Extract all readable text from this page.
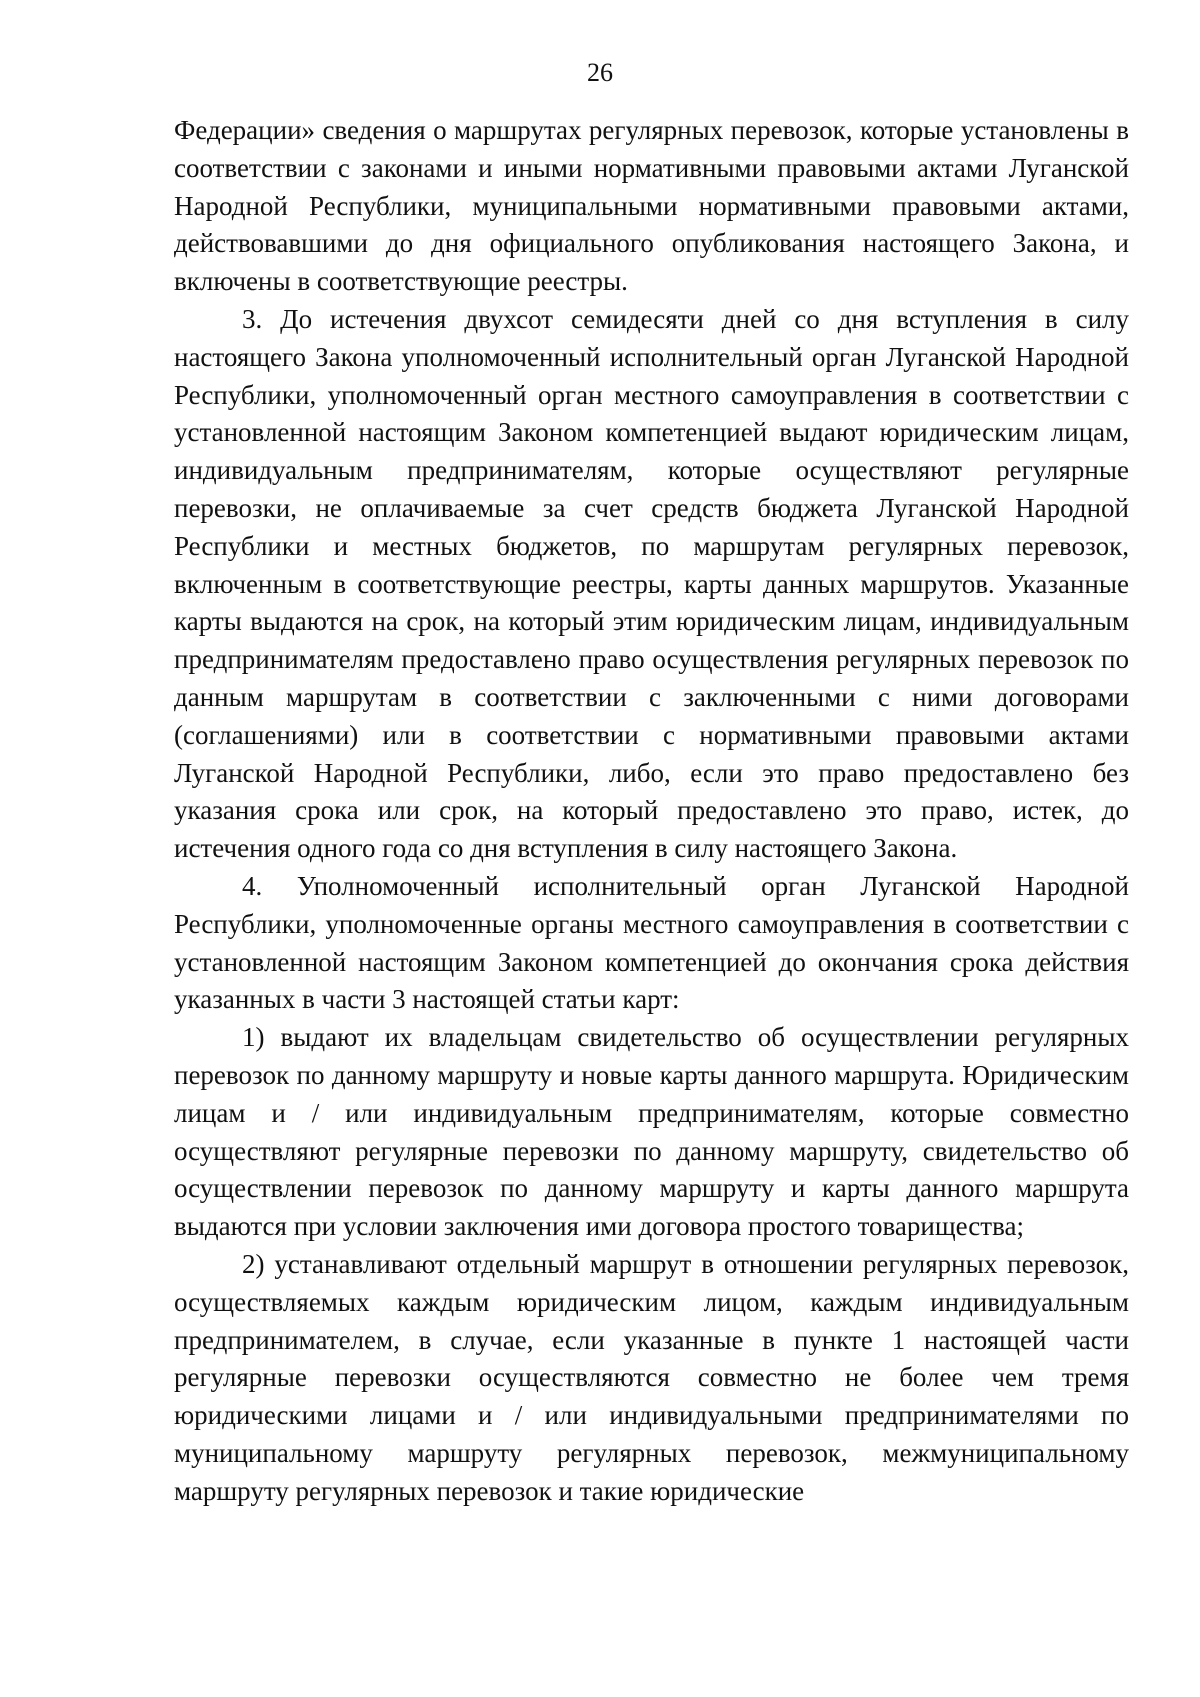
26

Федерации» сведения о маршрутах регулярных перевозок, которые установлены в соответствии с законами и иными нормативными правовыми актами Луганской Народной Республики, муниципальными нормативными правовыми актами, действовавшими до дня официального опубликования настоящего Закона, и включены в соответствующие реестры.

3. До истечения двухсот семидесяти дней со дня вступления в силу настоящего Закона уполномоченный исполнительный орган Луганской Народной Республики, уполномоченный орган местного самоуправления в соответствии с установленной настоящим Законом компетенцией выдают юридическим лицам, индивидуальным предпринимателям, которые осуществляют регулярные перевозки, не оплачиваемые за счет средств бюджета Луганской Народной Республики и местных бюджетов, по маршрутам регулярных перевозок, включенным в соответствующие реестры, карты данных маршрутов. Указанные карты выдаются на срок, на который этим юридическим лицам, индивидуальным предпринимателям предоставлено право осуществления регулярных перевозок по данным маршрутам в соответствии с заключенными с ними договорами (соглашениями) или в соответствии с нормативными правовыми актами Луганской Народной Республики, либо, если это право предоставлено без указания срока или срок, на который предоставлено это право, истек, до истечения одного года со дня вступления в силу настоящего Закона.

4. Уполномоченный исполнительный орган Луганской Народной Республики, уполномоченные органы местного самоуправления в соответствии с установленной настоящим Законом компетенцией до окончания срока действия указанных в части 3 настоящей статьи карт:

1) выдают их владельцам свидетельство об осуществлении регулярных перевозок по данному маршруту и новые карты данного маршрута. Юридическим лицам и / или индивидуальным предпринимателям, которые совместно осуществляют регулярные перевозки по данному маршруту, свидетельство об осуществлении перевозок по данному маршруту и карты данного маршрута выдаются при условии заключения ими договора простого товарищества;

2) устанавливают отдельный маршрут в отношении регулярных перевозок, осуществляемых каждым юридическим лицом, каждым индивидуальным предпринимателем, в случае, если указанные в пункте 1 настоящей части регулярные перевозки осуществляются совместно не более чем тремя юридическими лицами и / или индивидуальными предпринимателями по муниципальному маршруту регулярных перевозок, межмуниципальному маршруту регулярных перевозок и такие юридические
